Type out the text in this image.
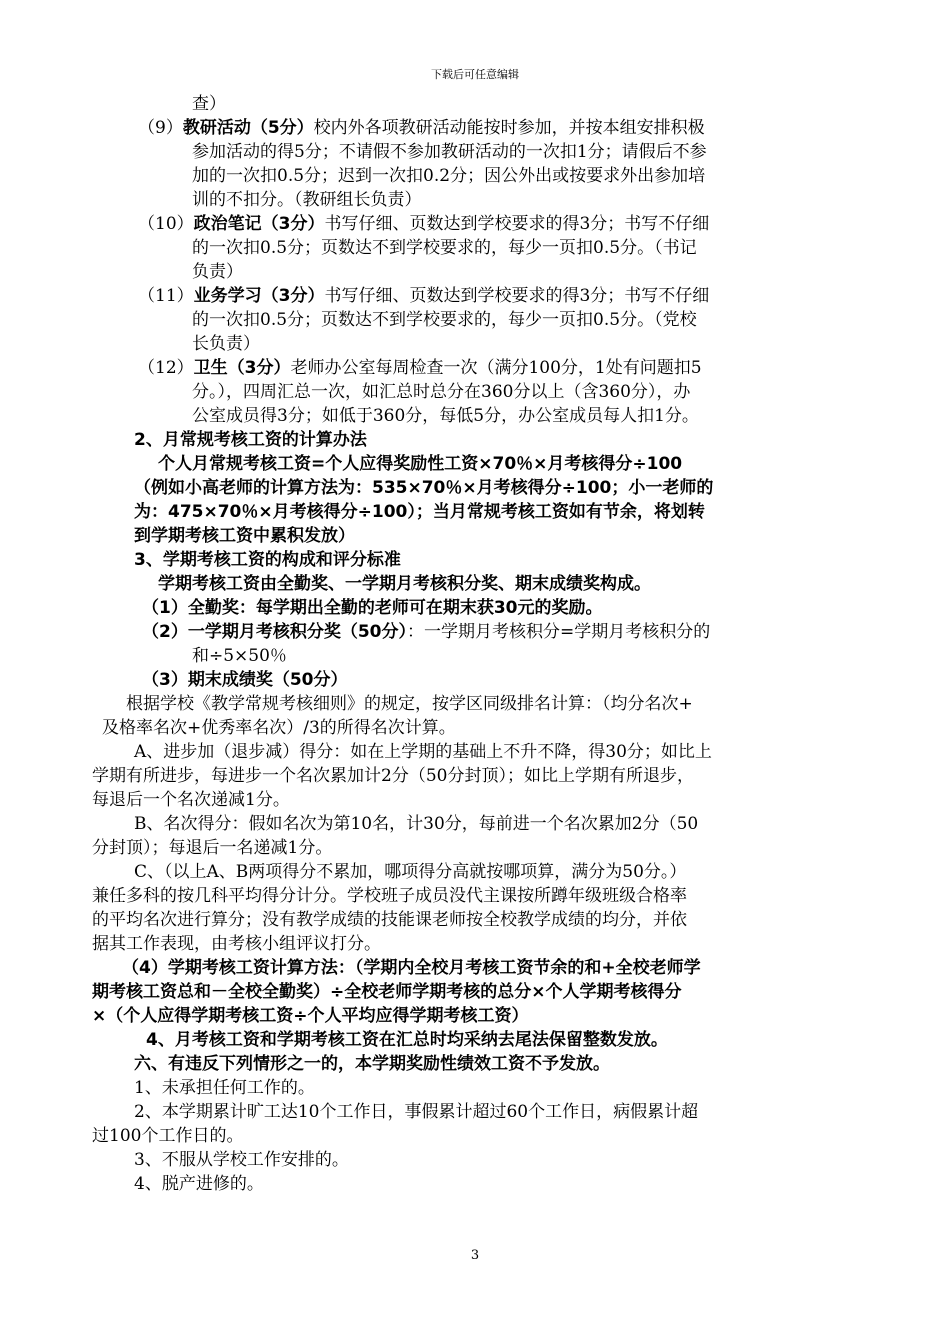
下载后可任意编辑

查）

（9）教研活动（5分）校内外各项教研活动能按时参加，并按本组安排积极

参加活动的得5分；不请假不参加教研活动的一次扣1分；请假后不参

加的一次扣0.5分；迟到一次扣0.2分；因公外出或按要求外出参加培

训的不扣分。（教研组长负责）

（10）政治笔记（3分）书写仔细、页数达到学校要求的得3分；书写不仔细

的一次扣0.5分；页数达不到学校要求的，每少一页扣0.5分。（书记

负责）

（11）业务学习（3分）书写仔细、页数达到学校要求的得3分；书写不仔细

的一次扣0.5分；页数达不到学校要求的，每少一页扣0.5分。（党校

长负责）

（12）卫生（3分）老师办公室每周检查一次（满分100分，1处有问题扣5

分。），四周汇总一次，如汇总时总分在360分以上（含360分），办

公室成员得3分；如低于360分，每低5分，办公室成员每人扣1分。

2、月常规考核工资的计算办法

个人月常规考核工资=个人应得奖励性工资×70％×月考核得分÷100

（例如小高老师的计算方法为：535×70％×月考核得分÷100；小一老师的

为：475×70％×月考核得分÷100）；当月常规考核工资如有节余，将划转

到学期考核工资中累积发放）

3、学期考核工资的构成和评分标准

学期考核工资由全勤奖、一学期月考核积分奖、期末成绩奖构成。

（1）全勤奖：每学期出全勤的老师可在期末获30元的奖励。

（2）一学期月考核积分奖（50分）：一学期月考核积分=学期月考核积分的

和÷5×50％

（3）期末成绩奖（50分）

根据学校《教学常规考核细则》的规定，按学区同级排名计算：（均分名次+

及格率名次+优秀率名次）/3的所得名次计算。

A、进步加（退步减）得分：如在上学期的基础上不升不降，得30分；如比上

学期有所进步，每进步一个名次累加计2分（50分封顶）；如比上学期有所退步，

每退后一个名次递减1分。

B、名次得分：假如名次为第10名，计30分，每前进一个名次累加2分（50

分封顶）；每退后一名递减1分。

C、（以上A、B两项得分不累加，哪项得分高就按哪项算，满分为50分。）

兼任多科的按几科平均得分计分。学校班子成员没代主课按所蹲年级班级合格率

的平均名次进行算分；没有教学成绩的技能课老师按全校教学成绩的均分，并依

据其工作表现，由考核小组评议打分。

（4）学期考核工资计算方法：（学期内全校月考核工资节余的和+全校老师学

期考核工资总和－全校全勤奖）÷全校老师学期考核的总分×个人学期考核得分

×（个人应得学期考核工资÷个人平均应得学期考核工资）

4、月考核工资和学期考核工资在汇总时均采纳去尾法保留整数发放。

六、有违反下列情形之一的，本学期奖励性绩效工资不予发放。

1、未承担任何工作的。

2、本学期累计旷工达10个工作日，事假累计超过60个工作日，病假累计超

过100个工作日的。

3、不服从学校工作安排的。

4、脱产进修的。

3
